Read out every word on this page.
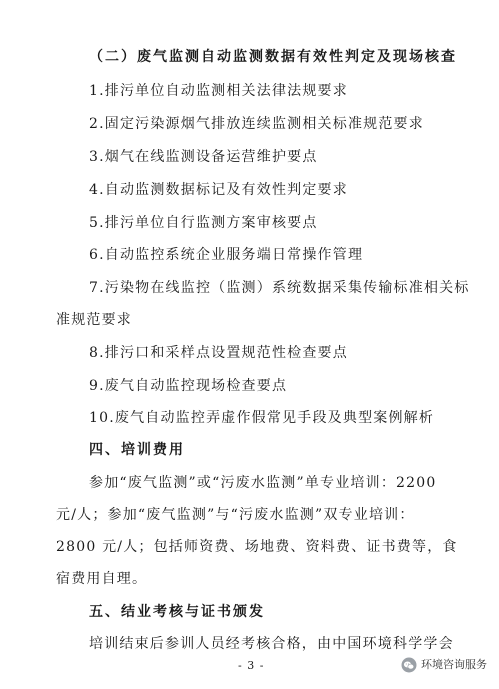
（二）废气监测自动监测数据有效性判定及现场核查
1.排污单位自动监测相关法律法规要求
2.固定污染源烟气排放连续监测相关标准规范要求
3.烟气在线监测设备运营维护要点
4.自动监测数据标记及有效性判定要求
5.排污单位自行监测方案审核要点
6.自动监控系统企业服务端日常操作管理
7.污染物在线监控（监测）系统数据采集传输标准相关标
准规范要求
8.排污口和采样点设置规范性检查要点
9.废气自动监控现场检查要点
10.废气自动监控弄虚作假常见手段及典型案例解析
四、培训费用
参加“废气监测”或“污废水监测”单专业培训：2200
元/人；参加“废气监测”与“污废水监测”双专业培训：
2800 元/人；包括师资费、场地费、资料费、证书费等，食
宿费用自理。
五、结业考核与证书颁发
培训结束后参训人员经考核合格，由中国环境科学学会
- 3 -	环境咨询服务
